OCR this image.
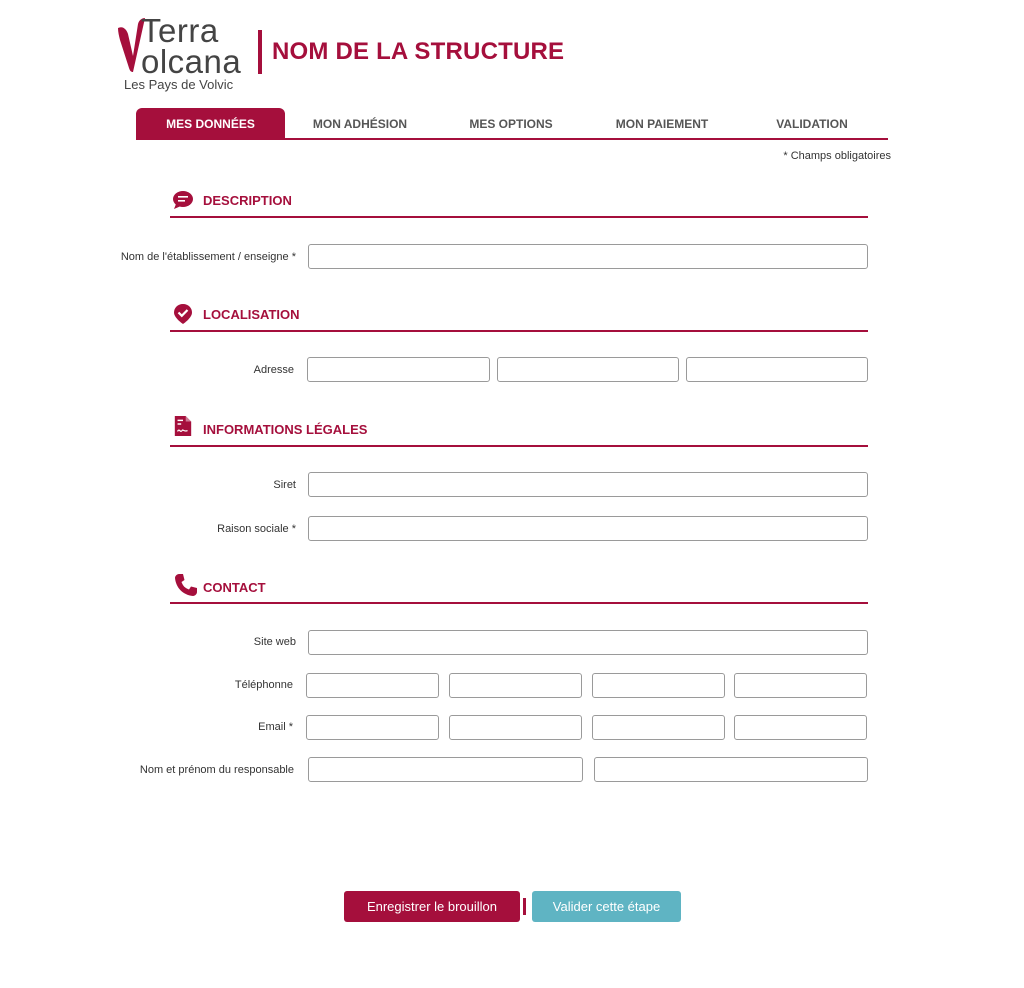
Terra
olcana
Les Pays de Volvic
NOM DE LA STRUCTURE
MES DONNÉES	MON ADHÉSION	MES OPTIONS	MON PAIEMENT	VALIDATION
* Champs obligatoires
DESCRIPTION
Nom de l'établissement / enseigne *
LOCALISATION
Adresse
INFORMATIONS LÉGALES
Siret
Raison sociale *
CONTACT
Site web
Téléphonne
Email *
Nom et prénom du responsable
Enregistrer le brouillon	Valider cette étape
